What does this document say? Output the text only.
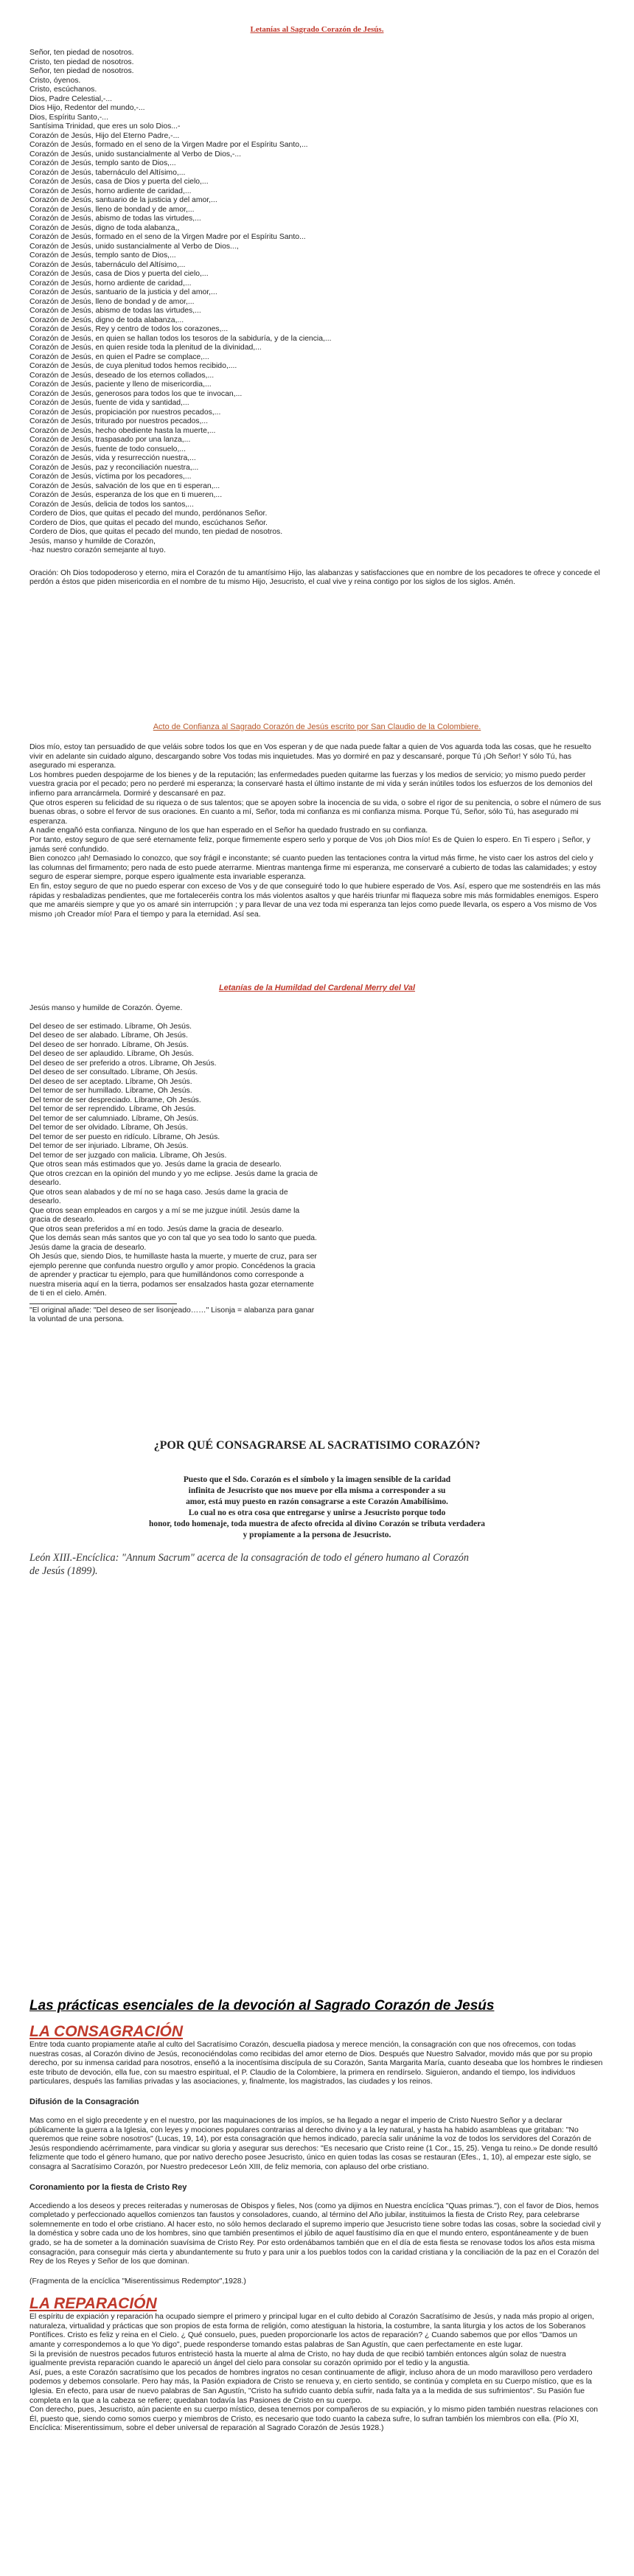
Letanías al Sagrado Corazón de Jesús.
Señor, ten piedad de nosotros.
Cristo, ten piedad de nosotros.
Señor, ten piedad de nosotros.
Cristo, óyenos.
Cristo, escúchanos.
Dios, Padre Celestial,-...
Dios Hijo, Redentor del mundo,-...
Dios, Espíritu Santo,-...
Santísima Trinidad, que eres un solo Dios...-
Corazón de Jesús, Hijo del Eterno Padre,-...
Corazón de Jesús, formado en el seno de la Virgen Madre por el Espíritu Santo,...
Corazón de Jesús, unido sustancialmente al Verbo de Dios,-...
Corazón de Jesús, templo santo de Dios,...
Corazón de Jesús, tabernáculo del Altísimo,...
Corazón de Jesús, casa de Dios y puerta del cielo,...
Corazón de Jesús, horno ardiente de caridad,...
Corazón de Jesús, santuario de la justicia y del amor,...
Corazón de Jesús, lleno de bondad y de amor,...
Corazón de Jesús, abismo de todas las virtudes,...
Corazón de Jesús, digno de toda alabanza,,
Corazón de Jesús, formado en el seno de la Virgen Madre por el Espíritu Santo...
Corazón de Jesús, unido sustancialmente al Verbo de Dios...,
Corazón de Jesús, templo santo de Dios,...
Corazón de Jesús, tabernáculo del Altísimo,...
Corazón de Jesús, casa de Dios y puerta del cielo,...
Corazón de Jesús, horno ardiente de caridad,...
Corazón de Jesús, santuario de la justicia y del amor,...
Corazón de Jesús, lleno de bondad y de amor,...
Corazón de Jesús, abismo de todas las virtudes,...
Corazón de Jesús, digno de toda alabanza,...
Corazón de Jesús, Rey y centro de todos los corazones,...
Corazón de Jesús, en quien se hallan todos los tesoros de la sabiduría, y de la ciencia,...
Corazón de Jesús, en quien reside toda la plenitud de la divinidad,...
Corazón de Jesús, en quien el Padre se complace,...
Corazón de Jesús, de cuya plenitud todos hemos recibido,....
Corazón de Jesús, deseado de los eternos collados,...
Corazón de Jesús, paciente y lleno de misericordia,...
Corazón de Jesús, generosos para todos los que te invocan,...
Corazón de Jesús, fuente de vida y santidad,...
Corazón de Jesús, propiciación por nuestros pecados,...
Corazón de Jesús, triturado por nuestros pecados,...
Corazón de Jesús, hecho obediente hasta la muerte,...
Corazón de Jesús, traspasado por una lanza,...
Corazón de Jesús, fuente de todo consuelo,...
Corazón de Jesús, vida y resurrección nuestra,...
Corazón de Jesús, paz y reconciliación nuestra,...
Corazón de Jesús, víctima por los pecadores,...
Corazón de Jesús, salvación de los que en ti esperan,...
Corazón de Jesús, esperanza de los que en ti mueren,...
Corazón de Jesús, delicia de todos los santos,...
Cordero de Dios, que quitas el pecado del mundo, perdónanos Señor.
Cordero de Dios, que quitas el pecado del mundo, escúchanos Señor.
Cordero de Dios, que quitas el pecado del mundo, ten piedad de nosotros.
Jesús, manso y humilde de Corazón,
-haz nuestro corazón semejante al tuyo.

Oración: Oh Dios todopoderoso y eterno, mira el Corazón de tu amantísimo Hijo, las alabanzas y satisfacciones que en nombre de los pecadores te ofrece y concede el perdón a éstos que piden misericordia en el nombre de tu mismo Hijo, Jesucristo, el cual vive y reina contigo por los siglos de los siglos. Amén.

Acto de Confianza al Sagrado Corazón de Jesús escrito por San Claudio de la Colombiere.

Dios mío, estoy tan persuadido de que veláis sobre todos los que en Vos esperan y de que nada puede faltar a quien de Vos aguarda toda las cosas, que he resuelto vivir en adelante sin cuidado alguno, descargando sobre Vos todas mis inquietudes. Mas yo dormiré en paz y descansaré, porque Tú ¡Oh Señor! Y sólo Tú, has asegurado mi esperanza.

Los hombres pueden despojarme de los bienes y de la reputación; las enfermedades pueden quitarme las fuerzas y los medios de servicio; yo mismo puedo perder vuestra gracia por el pecado; pero no perderé mi esperanza; la conservaré hasta el último instante de mi vida y serán inútiles todos los esfuerzos de los demonios del infierno para arrancármela. Dormiré y descansaré en paz.

Que otros esperen su felicidad de su riqueza o de sus talentos; que se apoyen sobre la inocencia de su vida, o sobre el rigor de su penitencia, o sobre el número de sus buenas obras, o sobre el fervor de sus oraciones. En cuanto a mí, Señor, toda mi confianza es mi confianza misma. Porque Tú, Señor, sólo Tú, has asegurado mi esperanza.

A nadie engañó esta confianza. Ninguno de los que han esperado en el Señor ha quedado frustrado en su confianza.

Por tanto, estoy seguro de que seré eternamente feliz, porque firmemente espero serlo y porque de Vos ¡oh Dios mío! Es de Quien lo espero. En Ti espero ¡ Señor, y jamás seré confundido.

Bien conozco ¡ah! Demasiado lo conozco, que soy frágil e inconstante; sé cuanto pueden las tentaciones contra la virtud más firme, he visto caer los astros del cielo y las columnas del firmamento; pero nada de esto puede aterrarme. Mientras mantenga firme mi esperanza, me conservaré a cubierto de todas las calamidades; y estoy seguro de esperar siempre, porque espero igualmente esta invariable esperanza.

En fin, estoy seguro de que no puedo esperar con exceso de Vos y de que conseguiré todo lo que hubiere esperado de Vos. Así, espero que me sostendréis en las más rápidas y resbaladizas pendientes, que me fortaleceréis contra los más violentos asaltos y que haréis triunfar mi flaqueza sobre mis más formidables enemigos. Espero que me amaréis siempre y que yo os amaré sin interrupción ; y para llevar de una vez toda mi esperanza tan lejos como puede llevarla, os espero a Vos mismo de Vos mismo ¡oh Creador mío! Para el tiempo y para la eternidad. Así sea.

Letanías de la Humildad del Cardenal Merry del Val
Jesús manso y humilde de Corazón. Óyeme.
Del deseo de ser estimado. Líbrame, Oh Jesús.
Del deseo de ser alabado. Líbrame, Oh Jesús.
Del deseo de ser honrado. Líbrame, Oh Jesús.
Del deseo de ser aplaudido. Líbrame, Oh Jesús.
Del deseo de ser preferido a otros. Líbrame, Oh Jesús.
Del deseo de ser consultado. Líbrame, Oh Jesús.
Del deseo de ser aceptado. Líbrame, Oh Jesús.
Del temor de ser humillado. Líbrame, Oh Jesús.
Del temor de ser despreciado. Líbrame, Oh Jesús.
Del temor de ser reprendido. Líbrame, Oh Jesús.
Del temor de ser calumniado. Líbrame, Oh Jesús.
Del temor de ser olvidado. Líbrame, Oh Jesús.
Del temor de ser puesto en ridículo. Líbrame, Oh Jesús.
Del temor de ser injuriado. Líbrame, Oh Jesús.
Del temor de ser juzgado con malicia. Líbrame, Oh Jesús.
Que otros sean más estimados que yo. Jesús dame la gracia de desearlo.
Que otros crezcan en la opinión del mundo y yo me eclipse. Jesús dame la gracia de
desearlo.
Que otros sean alabados y de mí no se haga caso. Jesús dame la gracia de
desearlo.
Que otros sean empleados en cargos y a mí se me juzgue inútil. Jesús dame la
gracia de desearlo.
Que otros sean preferidos a mí en todo. Jesús dame la gracia de desearlo.
Que los demás sean más santos que yo con tal que yo sea todo lo santo que pueda.
Jesús dame la gracia de desearlo.
Oh Jesús que, siendo Dios, te humillaste hasta la muerte, y muerte de cruz, para ser
ejemplo perenne que confunda nuestro orgullo y amor propio. Concédenos la gracia
de aprender y practicar tu ejemplo, para que humillándonos como corresponde a
nuestra miseria aquí en la tierra, podamos ser ensalzados hasta gozar eternamente
de ti en el cielo. Amén.
"El original añade: "Del deseo de ser lisonjeado……" Lisonja = alabanza para ganar
la voluntad de una persona.
¿POR QUÉ CONSAGRARSE AL SACRATISIMO CORAZÓN?
Puesto que el Sdo. Corazón es el símbolo y la imagen sensible de la caridad
infinita de Jesucristo que nos mueve por ella misma a corresponder a su
amor, está muy puesto en razón consagrarse a este Corazón Amabilísimo.
Lo cual no es otra cosa que entregarse y unirse a Jesucristo porque todo
honor, todo homenaje, toda muestra de afecto ofrecida al divino Corazón se tributa verdadera
y propiamente a la persona de Jesucristo.
León XIII.-Encíclica: "Annum Sacrum" acerca de la consagración de todo el género humano al Corazón
de Jesús (1899).
Las prácticas esenciales de la devoción al Sagrado Corazón de Jesús
LA CONSAGRACIÓN

Entre toda cuanto propiamente atañe al culto del Sacratísimo Corazón, descuella piadosa y merece mención, la consagración con que nos ofrecemos, con todas nuestras cosas, al Corazón divino de Jesús, reconociéndolas como recibidas del amor eterno de Dios. Después que Nuestro Salvador, movido más que por su propio derecho, por su inmensa caridad para nosotros, enseñó a la inocentísima discípula de su Corazón, Santa Margarita María, cuanto deseaba que los hombres le rindiesen este tributo de devoción, ella fue, con su maestro espiritual, el P. Claudio de la Colombiere, la primera en rendírselo. Siguieron, andando el tiempo, los individuos particulares, después las familias privadas y las asociaciones, y, finalmente, los magistrados, las ciudades y los reinos.

Difusión de la Consagración

Mas como en el siglo precedente y en el nuestro, por las maquinaciones de los impíos, se ha llegado a negar el imperio de Cristo Nuestro Señor y a declarar públicamente la guerra a la Iglesia, con leyes y mociones populares contrarias al derecho divino y a la ley natural, y hasta ha habido asambleas que gritaban: "No queremos que reine sobre nosotros" (Lucas, 19, 14), por esta consagración que hemos indicado, parecía salir unánime la voz de todos los servidores del Corazón de Jesús respondiendo acérrimamente, para vindicar su gloria y asegurar sus derechos: "Es necesario que Cristo reine (1 Cor., 15, 25). Venga tu reino.» De donde resultó felizmente que todo el género humano, que por nativo derecho posee Jesucristo, único en quien todas las cosas se restauran (Efes., 1, 10), al empezar este siglo, se consagra al Sacratísimo Corazón, por Nuestro predecesor León XIII, de feliz memoria, con aplauso del orbe cristiano.

Coronamiento por la fiesta de Cristo Rey

Accediendo a los deseos y preces reiteradas y numerosas de Obispos y fieles, Nos (como ya dijimos en Nuestra encíclica "Quas primas."), con el favor de Dios, hemos completado y perfeccionado aquellos comienzos tan faustos y consoladores, cuando, al término del Año jubilar, instituimos la fiesta de Cristo Rey, para celebrarse solemnemente en todo el orbe cristiano. Al hacer esto, no sólo hemos declarado el supremo imperio que Jesucristo tiene sobre todas las cosas, sobre la sociedad civil y la doméstica y sobre cada uno de los hombres, sino que también presentimos el júbilo de aquel faustísimo día en que el mundo entero, espontáneamente y de buen grado, se ha de someter a la dominación suavísima de Cristo Rey. Por esto ordenábamos también que en el día de esta fiesta se renovase todos los años esta misma consagración, para conseguir más cierta y abundantemente su fruto y para unir a los pueblos todos con la caridad cristiana y la conciliación de la paz en el Corazón del Rey de los Reyes y Señor de los que dominan.

(Fragmenta de la encíclica "Miserentissimus Redemptor",1928.)

LA REPARACIÓN

El espíritu de expiación y reparación ha ocupado siempre el primero y principal lugar en el culto debido al Corazón Sacratísimo de Jesús, y nada más propio al origen, naturaleza, virtualidad y prácticas que son propios de esta forma de religión, como atestiguan la historia, la costumbre, la santa liturgia y los actos de los Soberanos Pontífices. Cristo es feliz y reina en el Cielo. ¿ Qué consuelo, pues, pueden proporcionarle los actos de reparación? ¿ Cuando sabemos que por ellos "Damos un amante y correspondemos a lo que Yo digo", puede responderse tomando estas palabras de San Agustín, que caen perfectamente en este lugar.
Si la previsión de nuestros pecados futuros entristeció hasta la muerte al alma de Cristo, no hay duda de que recibió también entonces algún solaz de nuestra igualmente prevista reparación cuando le apareció un ángel del cielo para consolar su corazón oprimido por el tedio y la angustia.
Así, pues, a este Corazón sacratísimo que los pecados de hombres ingratos no cesan continuamente de afligir, incluso ahora de un modo maravilloso pero verdadero podemos y debemos consolarle. Pero hay más, la Pasión expiadora de Cristo se renueva y, en cierto sentido, se continúa y completa en su Cuerpo místico, que es la Iglesia. En efecto, para usar de nuevo palabras de San Agustín, "Cristo ha sufrido cuanto debía sufrir, nada falta ya a la medida de sus sufrimientos". Su Pasión fue completa en la que a la cabeza se refiere; quedaban todavía las Pasiones de Cristo en su cuerpo.
Con derecho, pues, Jesucristo, aún paciente en su cuerpo místico, desea tenernos por compañeros de su expiación, y lo mismo piden también nuestras relaciones con Él, puesto que, siendo como somos cuerpo y miembros de Cristo, es necesario que todo cuanto la cabeza sufre, lo sufran también los miembros con ella. (Pío XI, Encíclica: Miserentissimum, sobre el deber universal de reparación al Sagrado Corazón de Jesús 1928.)
